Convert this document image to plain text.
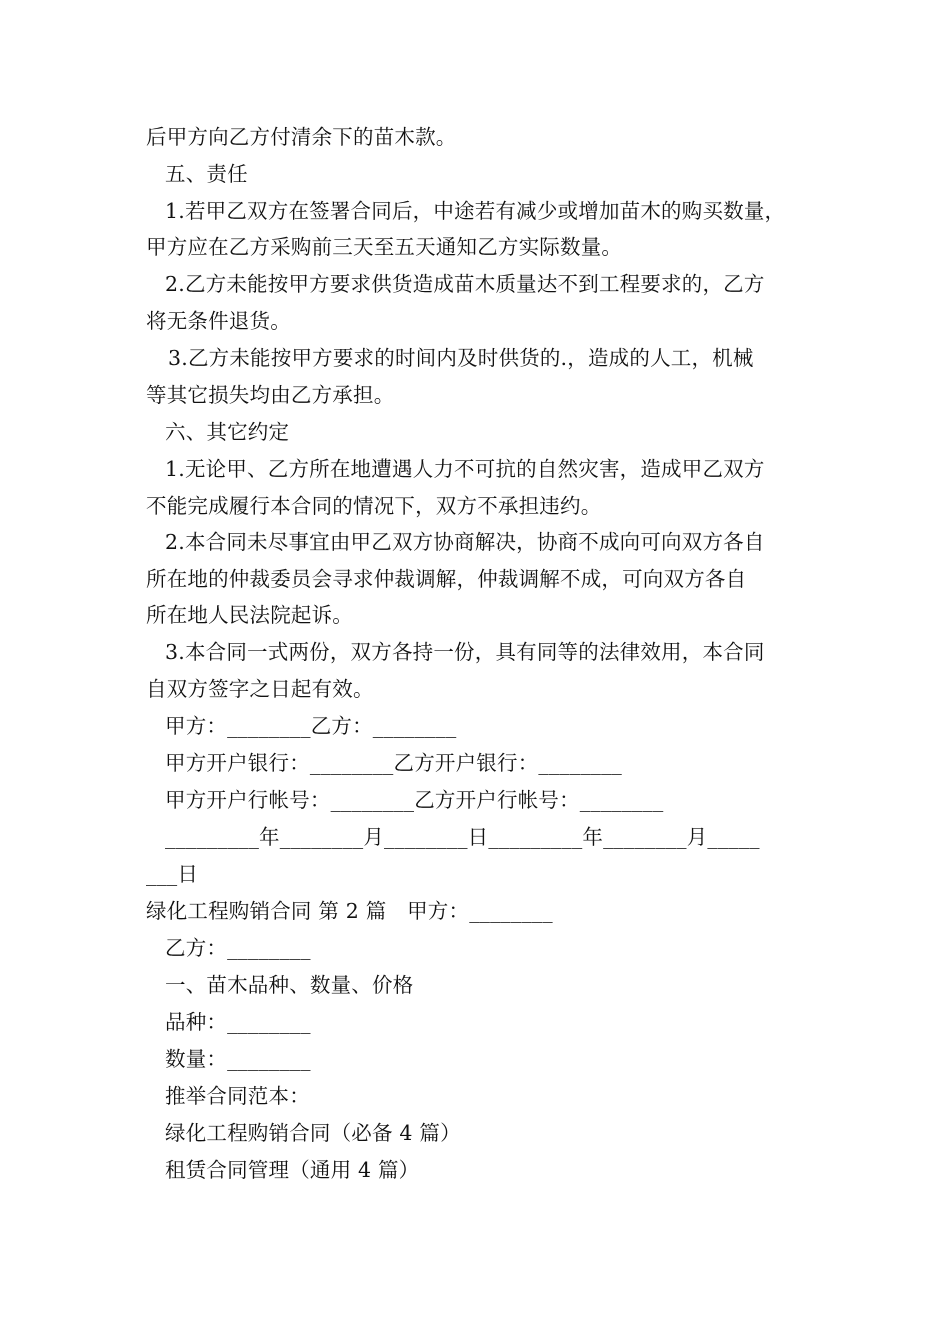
后甲方向乙方付清余下的苗木款。
五、责任
1.若甲乙双方在签署合同后，中途若有减少或增加苗木的购买数量，
甲方应在乙方采购前三天至五天通知乙方实际数量。
2.乙方未能按甲方要求供货造成苗木质量达不到工程要求的，乙方
将无条件退货。
3.乙方未能按甲方要求的时间内及时供货的.，造成的人工，机械
等其它损失均由乙方承担。
六、其它约定
1.无论甲、乙方所在地遭遇人力不可抗的自然灾害，造成甲乙双方
不能完成履行本合同的情况下，双方不承担违约。
2.本合同未尽事宜由甲乙双方协商解决，协商不成向可向双方各自
所在地的仲裁委员会寻求仲裁调解，仲裁调解不成，可向双方各自
所在地人民法院起诉。
3.本合同一式两份，双方各持一份，具有同等的法律效用，本合同
自双方签字之日起有效。
甲方：________乙方：________
甲方开户银行：________乙方开户银行：________
甲方开户行帐号：________乙方开户行帐号：________
_________年________月________日_________年________月_____
___日
绿化工程购销合同 第 2 篇　甲方：________
乙方：________
一、苗木品种、数量、价格
品种：________
数量：________
推举合同范本：
绿化工程购销合同（必备 4 篇）
租赁合同管理（通用 4 篇）
